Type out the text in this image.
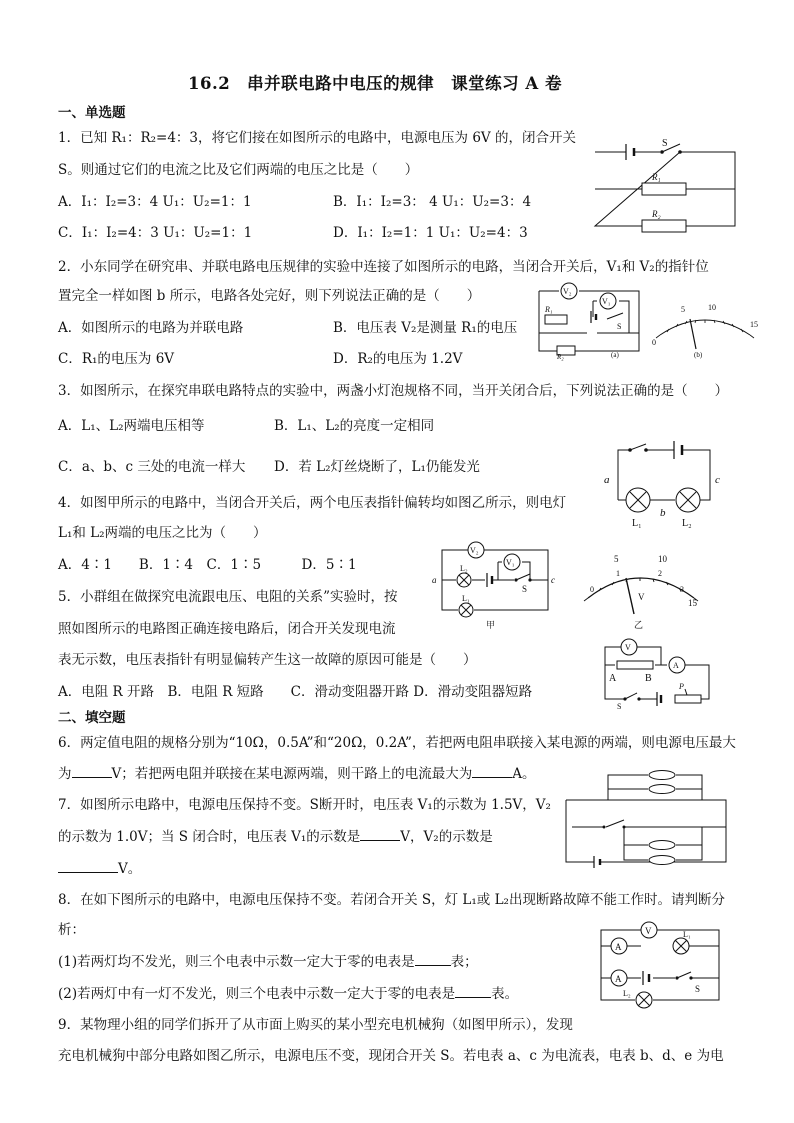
16.2　串并联电路中电压的规律　课堂练习 A 卷
一、单选题
1．已知 R₁：R₂=4：3，将它们接在如图所示的电路中，电源电压为 6V 的，闭合开关
S。则通过它们的电流之比及它们两端的电压之比是（　　）
A．I₁：I₂=3：4 U₁：U₂=1：1	B．I₁：I₂=3： 4 U₁：U₂=3：4
C．I₁：I₂=4：3 U₁：U₂=1：1	D．I₁：I₂=1：1 U₁：U₂=4：3
S
R₁
R₂
2．小东同学在研究串、并联电路电压规律的实验中连接了如图所示的电路，当闭合开关后，V₁和 V₂的指针位
置完全一样如图 b 所示，电路各处完好，则下列说法正确的是（　　）
A．如图所示的电路为并联电路	B．电压表 V₂是测量 R₁的电压
C．R₁的电压为 6V	D．R₂的电压为 1.2V
V₂
V₁
R₁
S
R₂	(a)
0
5	10
15
(b)
3．如图所示，在探究串联电路特点的实验中，两盏小灯泡规格不同，当开关闭合后，下列说法正确的是（　　）
A．L₁、L₂两端电压相等	B．L₁、L₂的亮度一定相同
C．a、b、c 三处的电流一样大 D．若 L₂灯丝烧断了，L₁仍能发光
a
b
c
L₁	L₂
4．如图甲所示的电路中，当闭合开关后，两个电压表指针偏转均如图乙所示，则电灯
L₁和 L₂两端的电压之比为（　　）
A．4∶1　　B．1∶4　C．1∶5　　　D．5∶1
V₂
V₁
L₂
L₁
S
a	c
甲
0
1
5
2
10
3
15
V
乙
5．小群组在做探究电流跟电压、电阻的关系”实验时，按
照如图所示的电路图正确连接电路后，闭合开关发现电流
表无示数，电压表指针有明显偏转产生这一故障的原因可能是（　　）
A．电阻 R 开路　B．电阻 R 短路　　C．滑动变阻器开路 D．滑动变阻器短路
V
A
A	B
S
P
二、填空题
6．两定值电阻的规格分别为“10Ω，0.5A”和“20Ω，0.2A”，若把两电阻串联接入某电源的两端，则电源电压最大
为	V；若把两电阻并联接在某电源两端，则干路上的电流最大为	A。
7．如图所示电路中，电源电压保持不变。S断开时，电压表 V₁的示数为 1.5V，V₂
的示数为 1.0V；当 S 闭合时，电压表 V₁的示数是	V，V₂的示数是
V。
8．在如下图所示的电路中，电源电压保持不变。若闭合开关 S，灯 L₁或 L₂出现断路故障不能工作时。请判断分
析：
(1)若两灯均不发光，则三个电表中示数一定大于零的电表是	表；
(2)若两灯中有一灯不发光，则三个电表中示数一定大于零的电表是	表。
A
V	L₁
A
S
L₂
9．某物理小组的同学们拆开了从市面上购买的某小型充电机械狗（如图甲所示），发现
充电机械狗中部分电路如图乙所示，电源电压不变，现闭合开关 S。若电表 a、c 为电流表，电表 b、d、e 为电
